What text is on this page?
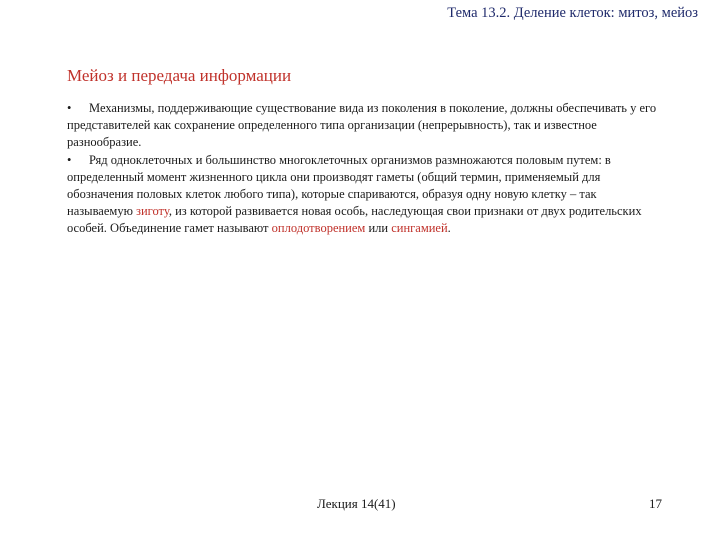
Тема 13.2. Деление клеток: митоз, мейоз
Мейоз и передача информации

• Механизмы, поддерживающие существование вида из поколения в поколение, должны обеспечивать у его представителей как сохранение определенного типа организации (непрерывность), так и известное разнообразие.

• Ряд одноклеточных и большинство многоклеточных организмов размножаются половым путем: в определенный момент жизненного цикла они производят гаметы (общий термин, применяемый для обозначения половых клеток любого типа), которые спариваются, образуя одну новую клетку – так называемую зиготу, из которой развивается новая особь, наследующая свои признаки от двух родительских особей. Объединение гамет называют оплодотворением или сингамией.

Лекция 14(41)	17
